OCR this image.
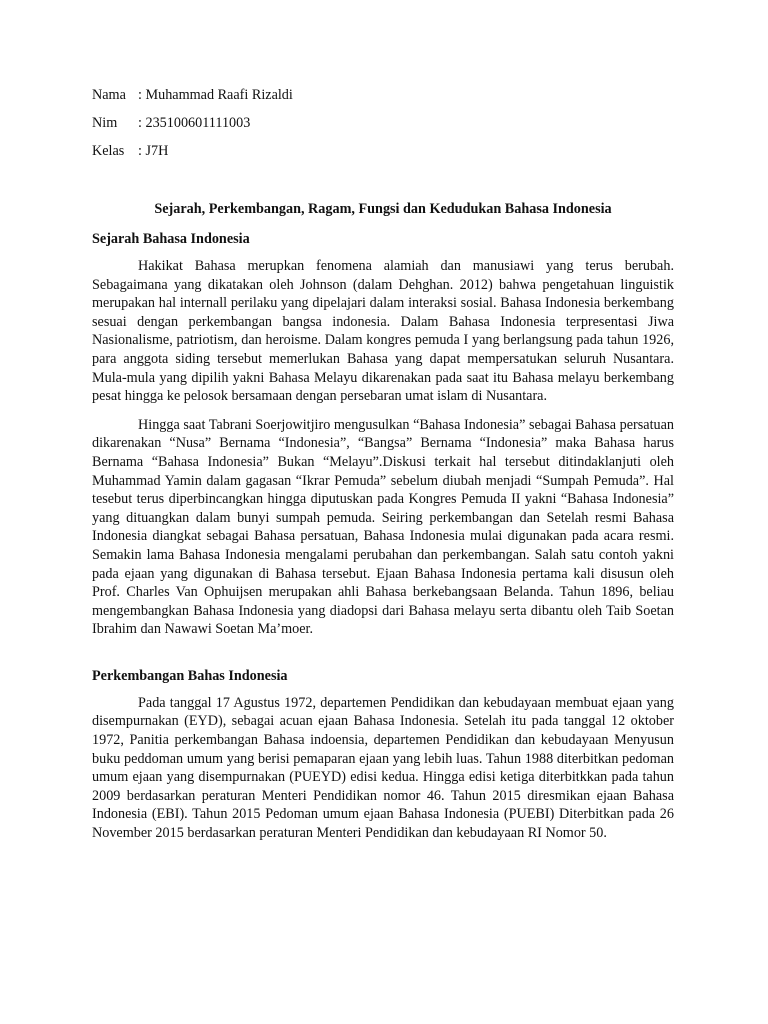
Nama : Muhammad Raafi Rizaldi
Nim	: 235100601111003
Kelas : J7H
Sejarah, Perkembangan, Ragam, Fungsi dan Kedudukan Bahasa Indonesia
Sejarah Bahasa Indonesia

Hakikat Bahasa merupkan fenomena alamiah dan manusiawi yang terus berubah. Sebagaimana yang dikatakan oleh Johnson (dalam Dehghan. 2012) bahwa pengetahuan linguistik merupakan hal internall perilaku yang dipelajari dalam interaksi sosial. Bahasa Indonesia berkembang sesuai dengan perkembangan bangsa indonesia. Dalam Bahasa Indonesia terpresentasi Jiwa Nasionalisme, patriotism, dan heroisme. Dalam kongres pemuda I yang berlangsung pada tahun 1926, para anggota siding tersebut memerlukan Bahasa yang dapat mempersatukan seluruh Nusantara. Mula-mula yang dipilih yakni Bahasa Melayu dikarenakan pada saat itu Bahasa melayu berkembang pesat hingga ke pelosok bersamaan dengan persebaran umat islam di Nusantara.

Hingga saat Tabrani Soerjowitjiro mengusulkan “Bahasa Indonesia” sebagai Bahasa persatuan dikarenakan “Nusa” Bernama “Indonesia”, “Bangsa” Bernama “Indonesia” maka Bahasa harus Bernama “Bahasa Indonesia” Bukan “Melayu”.Diskusi terkait hal tersebut ditindaklanjuti oleh Muhammad Yamin dalam gagasan “Ikrar Pemuda” sebelum diubah menjadi “Sumpah Pemuda”. Hal tesebut terus diperbincangkan hingga diputuskan pada Kongres Pemuda II yakni “Bahasa Indonesia” yang dituangkan dalam bunyi sumpah pemuda. Seiring perkembangan dan Setelah resmi Bahasa Indonesia diangkat sebagai Bahasa persatuan, Bahasa Indonesia mulai digunakan pada acara resmi. Semakin lama Bahasa Indonesia mengalami perubahan dan perkembangan. Salah satu contoh yakni pada ejaan yang digunakan di Bahasa tersebut. Ejaan Bahasa Indonesia pertama kali disusun oleh Prof. Charles Van Ophuijsen merupakan ahli Bahasa berkebangsaan Belanda. Tahun 1896, beliau mengembangkan Bahasa Indonesia yang diadopsi dari Bahasa melayu serta dibantu oleh Taib Soetan Ibrahim dan Nawawi Soetan Ma’moer.

Perkembangan Bahas Indonesia

Pada tanggal 17 Agustus 1972, departemen Pendidikan dan kebudayaan membuat ejaan yang disempurnakan (EYD), sebagai acuan ejaan Bahasa Indonesia. Setelah itu pada tanggal 12 oktober 1972, Panitia perkembangan Bahasa indoensia, departemen Pendidikan dan kebudayaan Menyusun buku peddoman umum yang berisi pemaparan ejaan yang lebih luas. Tahun 1988 diterbitkan pedoman umum ejaan yang disempurnakan (PUEYD) edisi kedua. Hingga edisi ketiga diterbitkkan pada tahun 2009 berdasarkan peraturan Menteri Pendidikan nomor 46. Tahun 2015 diresmikan ejaan Bahasa Indonesia (EBI). Tahun 2015 Pedoman umum ejaan Bahasa Indonesia (PUEBI) Diterbitkan pada 26 November 2015 berdasarkan peraturan Menteri Pendidikan dan kebudayaan RI Nomor 50.
